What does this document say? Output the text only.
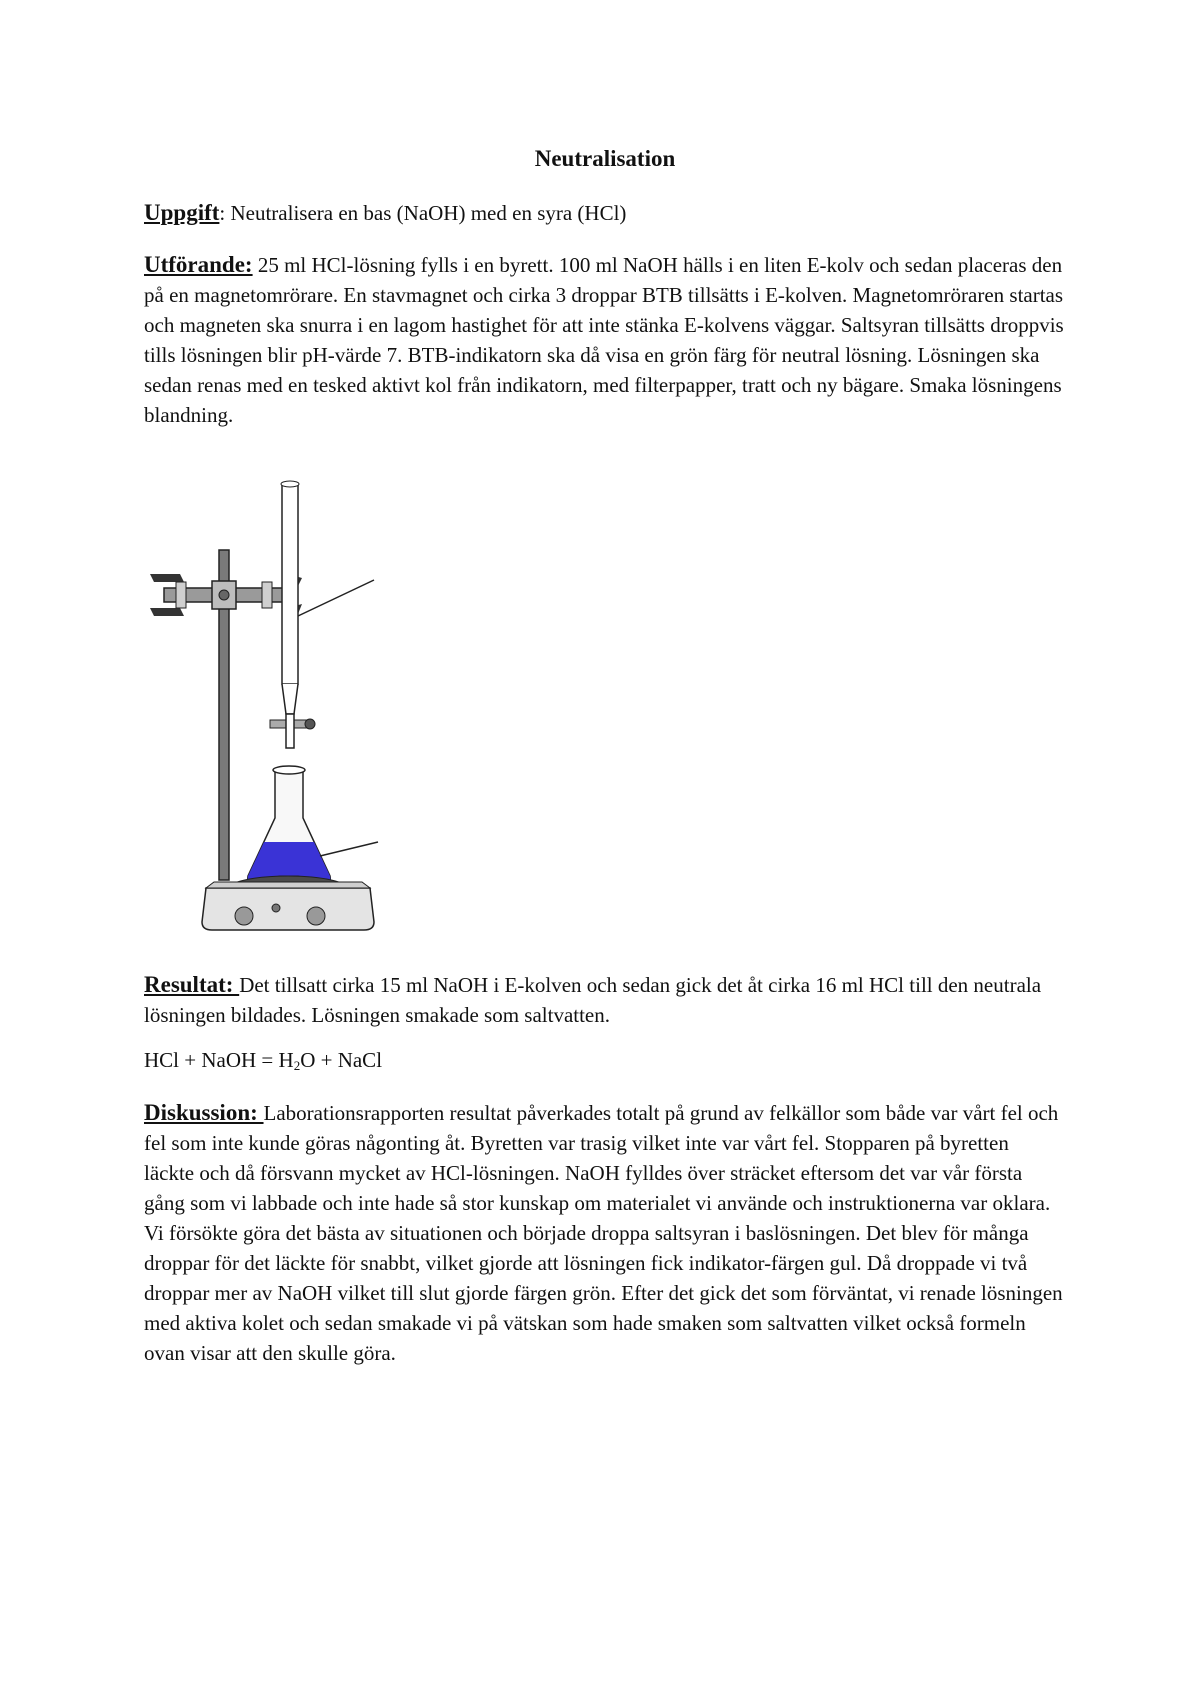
Neutralisation

Uppgift: Neutralisera en bas (NaOH) med en syra (HCl)

Utförande: 25 ml HCl-lösning fylls i en byrett. 100 ml NaOH hälls i en liten E-kolv och sedan placeras den på en magnetomrörare. En stavmagnet och cirka 3 droppar BTB tillsätts i E-kolven. Magnetomröraren startas och magneten ska snurra i en lagom hastighet för att inte stänka E-kolvens väggar. Saltsyran tillsätts droppvis tills lösningen blir pH-värde 7. BTB-indikatorn ska då visa en grön färg för neutral lösning. Lösningen ska sedan renas med en tesked aktivt kol från indikatorn, med filterpapper, tratt och ny bägare. Smaka lösningens blandning.

Resultat: Det tillsatt cirka 15 ml NaOH i E-kolven och sedan gick det åt cirka 16 ml HCl till den neutrala lösningen bildades. Lösningen smakade som saltvatten.

HCl + NaOH = $H_2O$ + NaCl

Diskussion: Laborationsrapporten resultat påverkades totalt på grund av felkällor som både var vårt fel och fel som inte kunde göras någonting åt. Byretten var trasig vilket inte var vårt fel. Stopparen på byretten läckte och då försvann mycket av HCl-lösningen. NaOH fylldes över sträcket eftersom det var vår första gång som vi labbade och inte hade så stor kunskap om materialet vi använde och instruktionerna var oklara. Vi försökte göra det bästa av situationen och började droppa saltsyran i baslösningen. Det blev för många droppar för det läckte för snabbt, vilket gjorde att lösningen fick indikator-färgen gul. Då droppade vi två droppar mer av NaOH vilket till slut gjorde färgen grön. Efter det gick det som förväntat, vi renade lösningen med aktiva kolet och sedan smakade vi på vätskan som hade smaken som saltvatten vilket också formeln ovan visar att den skulle göra.
